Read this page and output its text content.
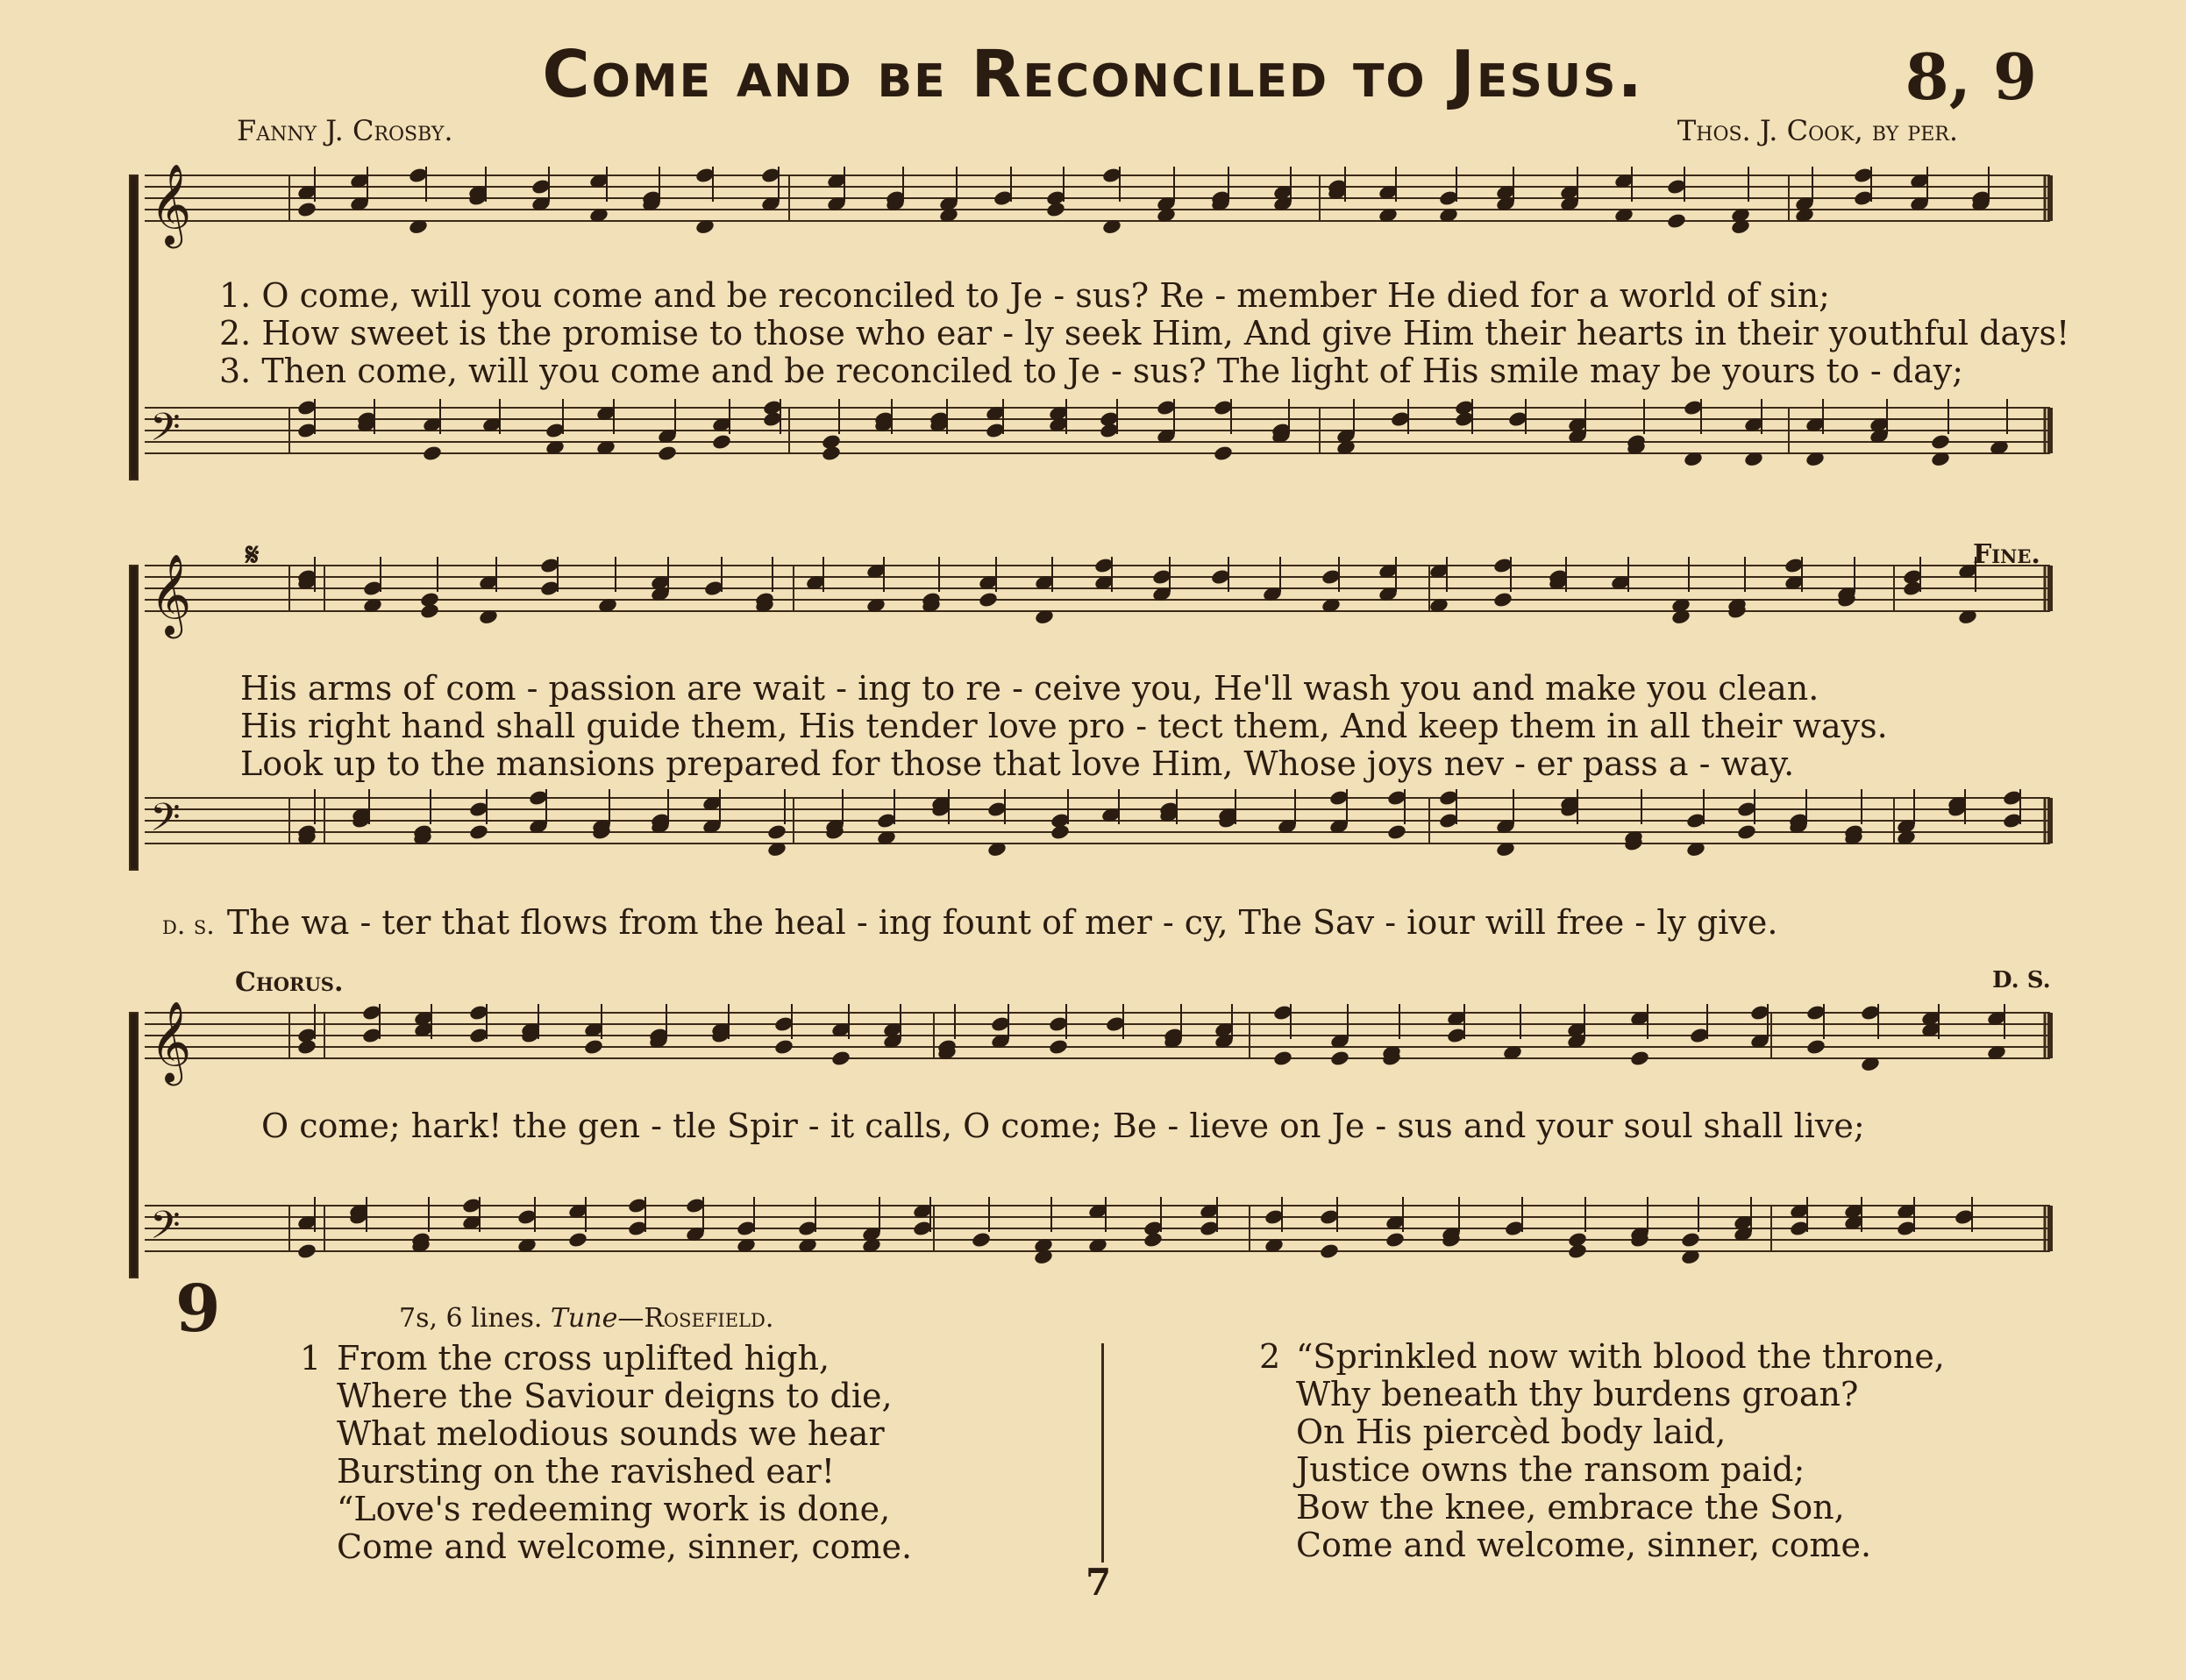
Come and be Reconciled to Jesus.	8, 9
Fanny J. Crosby.	Thos. J. Cook, by per.
𝄞
𝄢
𝄞
𝄢
𝄞
𝄢
1. O come, will you come and be reconciled to Je - sus? Re - member He died for a world of sin;
2. How sweet is the promise to those who ear - ly seek Him, And give Him their hearts in their youthful days!
3. Then come, will you come and be reconciled to Je - sus? The light of His smile may be yours to - day;
𝄋	Fine.
His arms of com - passion are wait - ing to re - ceive you, He'll wash you and make you clean.
His right hand shall guide them, His tender love pro - tect them, And keep them in all their ways.
Look up to the mansions prepared for those that love Him, Whose joys nev - er pass a - way.
d. s. The wa - ter that flows from the heal - ing fount of mer - cy, The Sav - iour will free - ly give.
Chorus.	D. S.
O come; hark! the gen - tle Spir - it calls, O come; Be - lieve on Je - sus and your soul shall live;
9	7s, 6 lines. Tune—Rosefield.
1 From the cross uplifted high,
Where the Saviour deigns to die,
What melodious sounds we hear
Bursting on the ravished ear!
“Love's redeeming work is done,
Come and welcome, sinner, come.
2 “Sprinkled now with blood the throne,
Why beneath thy burdens groan?
On His piercèd body laid,
Justice owns the ransom paid;
Bow the knee, embrace the Son,
Come and welcome, sinner, come.
7
